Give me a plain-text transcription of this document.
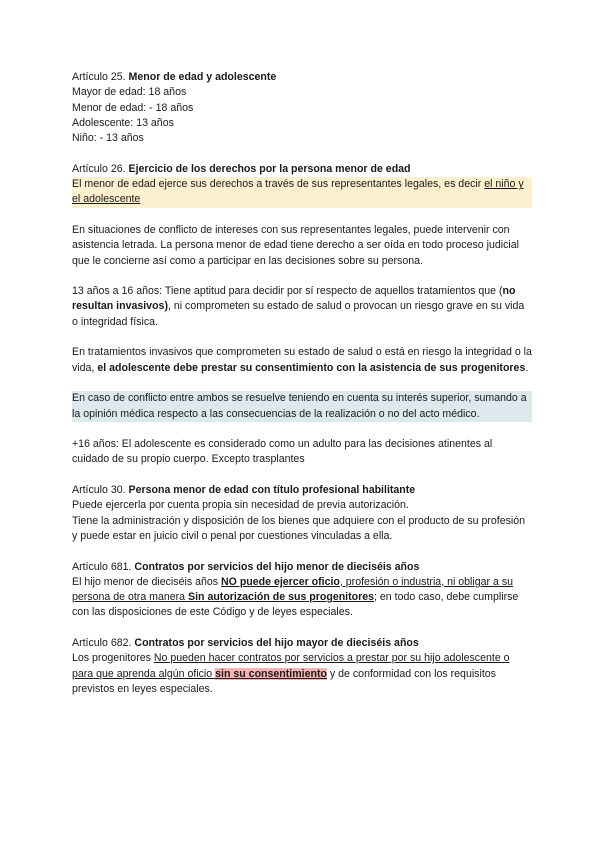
Artículo 25. Menor de edad y adolescente

Mayor de edad: 18 años

Menor de edad: - 18 años

Adolescente: 13 años

Niño: - 13 años

Artículo 26. Ejercicio de los derechos por la persona menor de edad

El menor de edad ejerce sus derechos a través de sus representantes legales, es decir el niño y el adolescente

En situaciones de conflicto de intereses con sus representantes legales, puede intervenir con asistencia letrada. La persona menor de edad tiene derecho a ser oída en todo proceso judicial que le concierne así como a participar en las decisiones sobre su persona.

13 años a 16 años: Tiene aptitud para decidir por sí respecto de aquellos tratamientos que (no resultan invasivos), ni comprometen su estado de salud o provocan un riesgo grave en su vida o integridad física.

En tratamientos invasivos que comprometen su estado de salud o está en riesgo la integridad o la vida, el adolescente debe prestar su consentimiento con la asistencia de sus progenitores.

En caso de conflicto entre ambos se resuelve teniendo en cuenta su interés superior, sumando a la opinión médica respecto a las consecuencias de la realización o no del acto médico.

+16 años: El adolescente es considerado como un adulto para las decisiones atinentes al cuidado de su propio cuerpo. Excepto trasplantes

Artículo 30. Persona menor de edad con título profesional habilitante

Puede ejercerla por cuenta propia sin necesidad de previa autorización.

Tiene la administración y disposición de los bienes que adquiere con el producto de su profesión y puede estar en juicio civil o penal por cuestiones vinculadas a ella.

Artículo 681. Contratos por servicios del hijo menor de dieciséis años

El hijo menor de dieciséis años NO puede ejercer oficio, profesión o industria, ni obligar a su persona de otra manera Sin autorización de sus progenitores; en todo caso, debe cumplirse con las disposiciones de este Código y de leyes especiales.

Artículo 682. Contratos por servicios del hijo mayor de dieciséis años

Los progenitores No pueden hacer contratos por servicios a prestar por su hijo adolescente o para que aprenda algún oficio sin su consentimiento y de conformidad con los requisitos previstos en leyes especiales.
